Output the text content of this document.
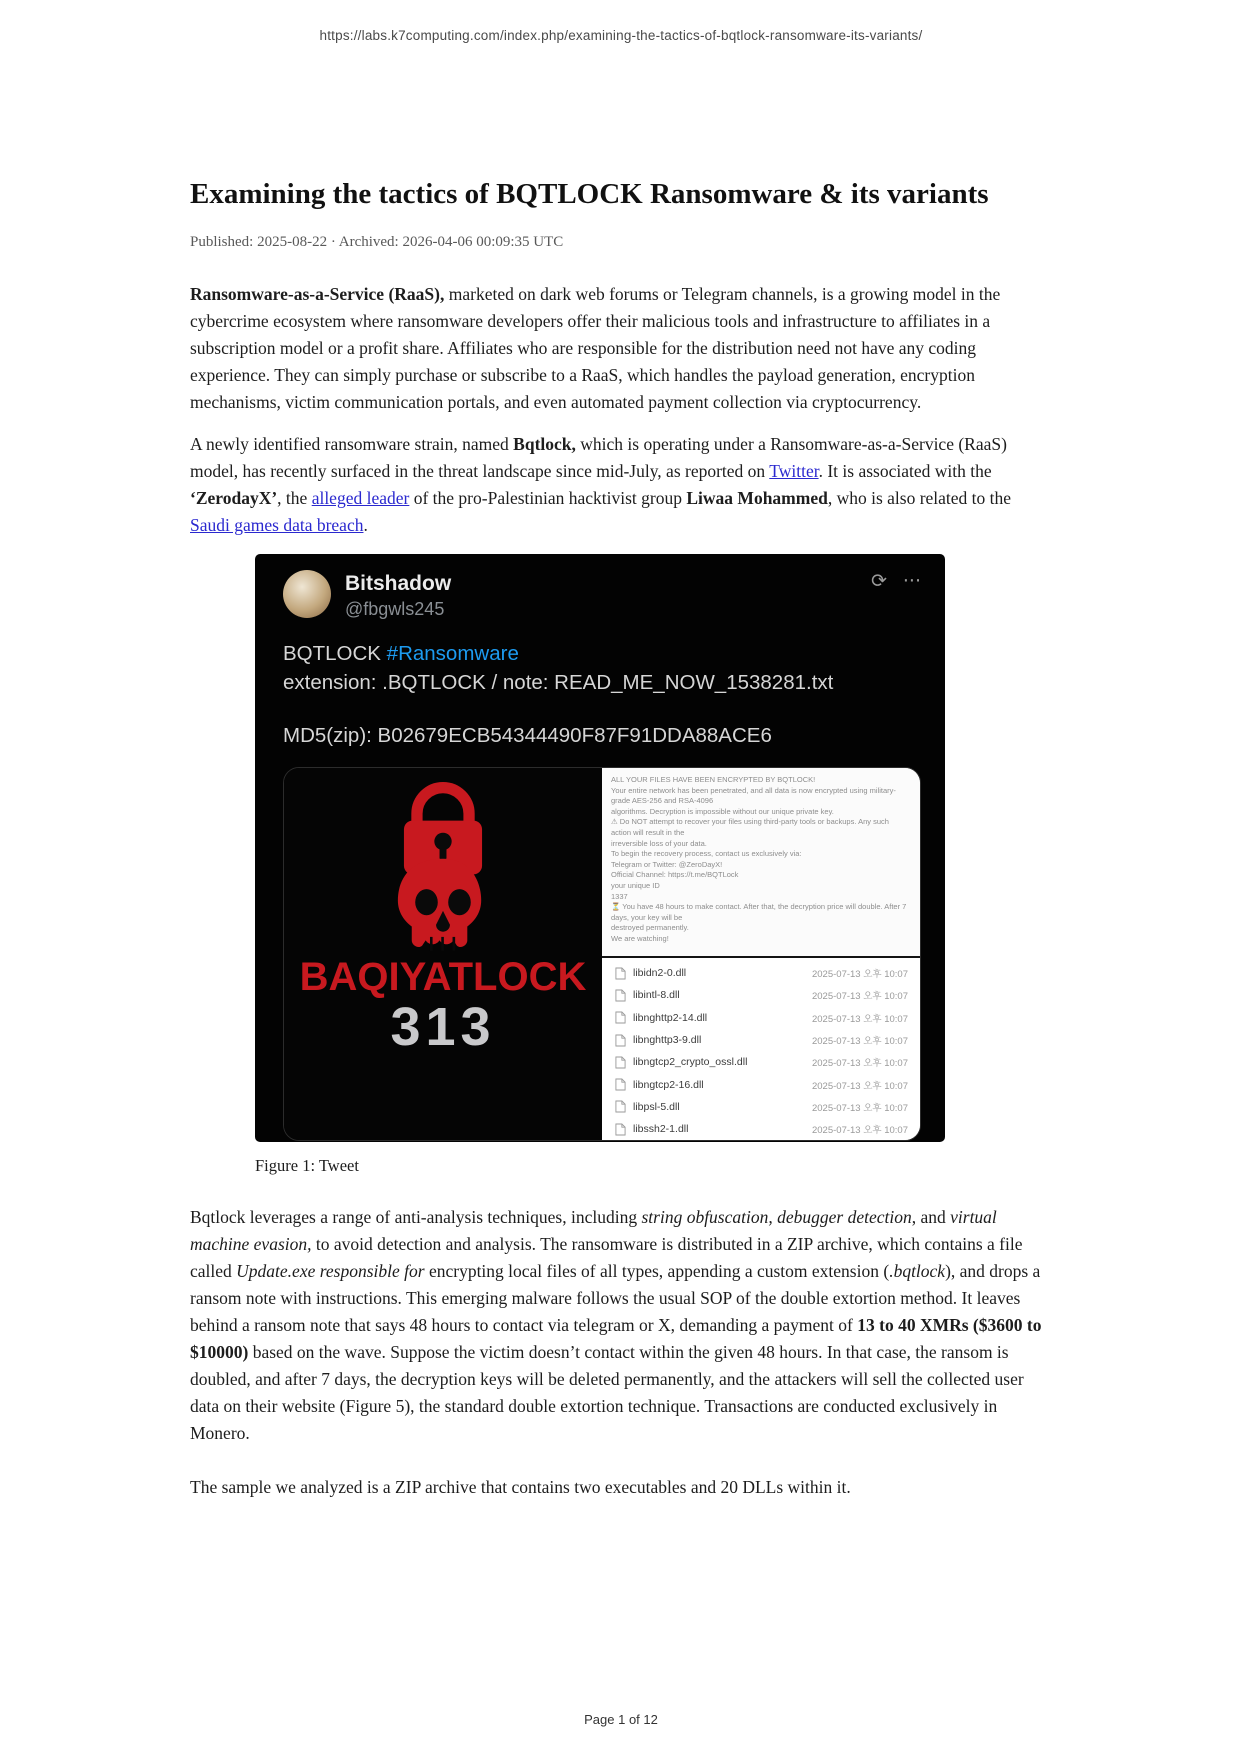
https://labs.k7computing.com/index.php/examining-the-tactics-of-bqtlock-ransomware-its-variants/
Examining the tactics of BQTLOCK Ransomware & its variants
Published: 2025-08-22 · Archived: 2026-04-06 00:09:35 UTC

Ransomware-as-a-Service (RaaS), marketed on dark web forums or Telegram channels, is a growing model in the cybercrime ecosystem where ransomware developers offer their malicious tools and infrastructure to affiliates in a subscription model or a profit share. Affiliates who are responsible for the distribution need not have any coding experience. They can simply purchase or subscribe to a RaaS, which handles the payload generation, encryption mechanisms, victim communication portals, and even automated payment collection via cryptocurrency.

A newly identified ransomware strain, named Bqtlock, which is operating under a Ransomware-as-a-Service (RaaS) model, has recently surfaced in the threat landscape since mid-July, as reported on Twitter. It is associated with the ‘ZerodayX’, the alleged leader of the pro-Palestinian hacktivist group Liwaa Mohammed, who is also related to the Saudi games data breach.

Bitshadow
@fbgwls245
⟳ ···
BQTLOCK #Ransomware
extension: .BQTLOCK / note: READ_ME_NOW_1538281.txt
MD5(zip): B02679ECB54344490F87F91DDA88ACE6
BAQIYATLOCK
313
ALL YOUR FILES HAVE BEEN ENCRYPTED BY BQTLOCK!
Your entire network has been penetrated, and all data is now encrypted using military-grade AES-256 and RSA-4096
algorithms. Decryption is impossible without our unique private key.
⚠ Do NOT attempt to recover your files using third-party tools or backups. Any such action will result in the
irreversible loss of your data.
To begin the recovery process, contact us exclusively via:
Telegram or Twitter: @ZeroDayX!
Official Channel: https://t.me/BQTLock
your unique ID
1337
⏳ You have 48 hours to make contact. After that, the decryption price will double. After 7 days, your key will be
destroyed permanently.
We are watching!
libidn2-0.dll	2025-07-13 오후 10:07
libintl-8.dll	2025-07-13 오후 10:07
libnghttp2-14.dll	2025-07-13 오후 10:07
libnghttp3-9.dll	2025-07-13 오후 10:07
libngtcp2_crypto_ossl.dll	2025-07-13 오후 10:07
libngtcp2-16.dll	2025-07-13 오후 10:07
libpsl-5.dll	2025-07-13 오후 10:07
libssh2-1.dll	2025-07-13 오후 10:07
Figure 1: Tweet

Bqtlock leverages a range of anti-analysis techniques, including string obfuscation, debugger detection, and virtual machine evasion, to avoid detection and analysis. The ransomware is distributed in a ZIP archive, which contains a file called Update.exe responsible for encrypting local files of all types, appending a custom extension (.bqtlock), and drops a ransom note with instructions. This emerging malware follows the usual SOP of the double extortion method. It leaves behind a ransom note that says 48 hours to contact via telegram or X, demanding a payment of 13 to 40 XMRs ($3600 to $10000) based on the wave. Suppose the victim doesn’t contact within the given 48 hours. In that case, the ransom is doubled, and after 7 days, the decryption keys will be deleted permanently, and the attackers will sell the collected user data on their website (Figure 5), the standard double extortion technique. Transactions are conducted exclusively in Monero.

The sample we analyzed is a ZIP archive that contains two executables and 20 DLLs within it.

Page 1 of 12
